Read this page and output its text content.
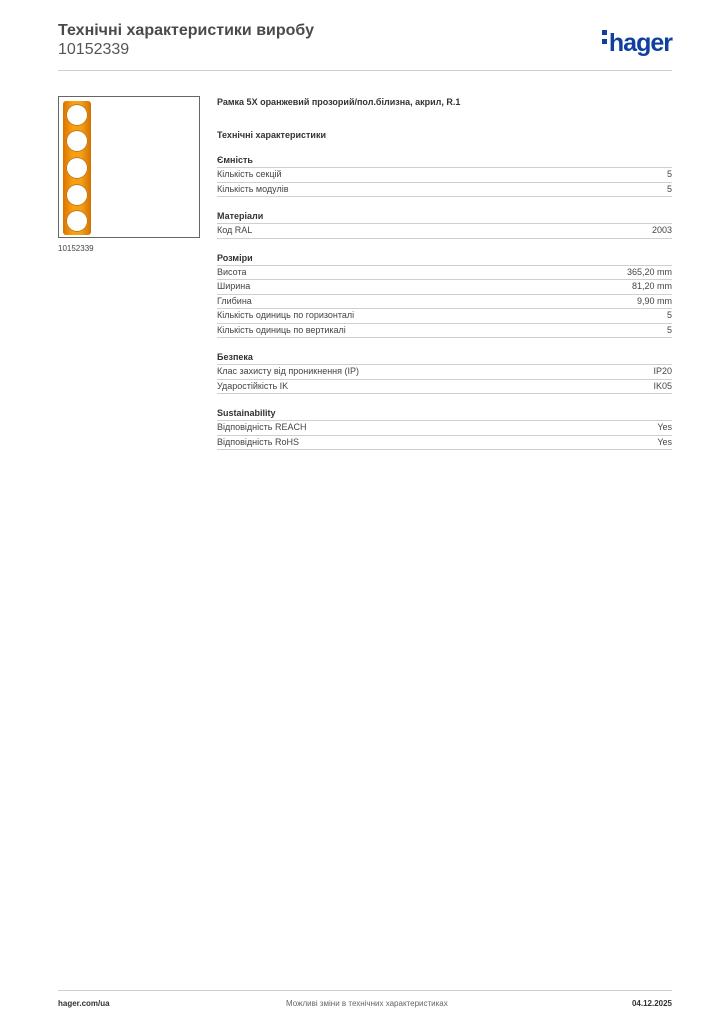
Технічні характеристики виробу
10152339	hager
10152339
Рамка 5Х оранжевий прозорий/пол.білизна, акрил, R.1
Технічні характеристики
Ємність
Кількість секцій	5
Кількість модулів	5
Матеріали
Код RAL	2003
Розміри
Висота	365,20 mm
Ширина	81,20 mm
Глибина	9,90 mm
Кількість одиниць по горизонталі	5
Кількість одиниць по вертикалі	5
Безпека
Клас захисту від проникнення (IP)	IP20
Ударостійкість IK	IK05
Sustainability
Відповідність REACH	Yes
Відповідність RoHS	Yes
hager.com/ua	Можливі зміни в технічних характеристиках	04.12.2025
